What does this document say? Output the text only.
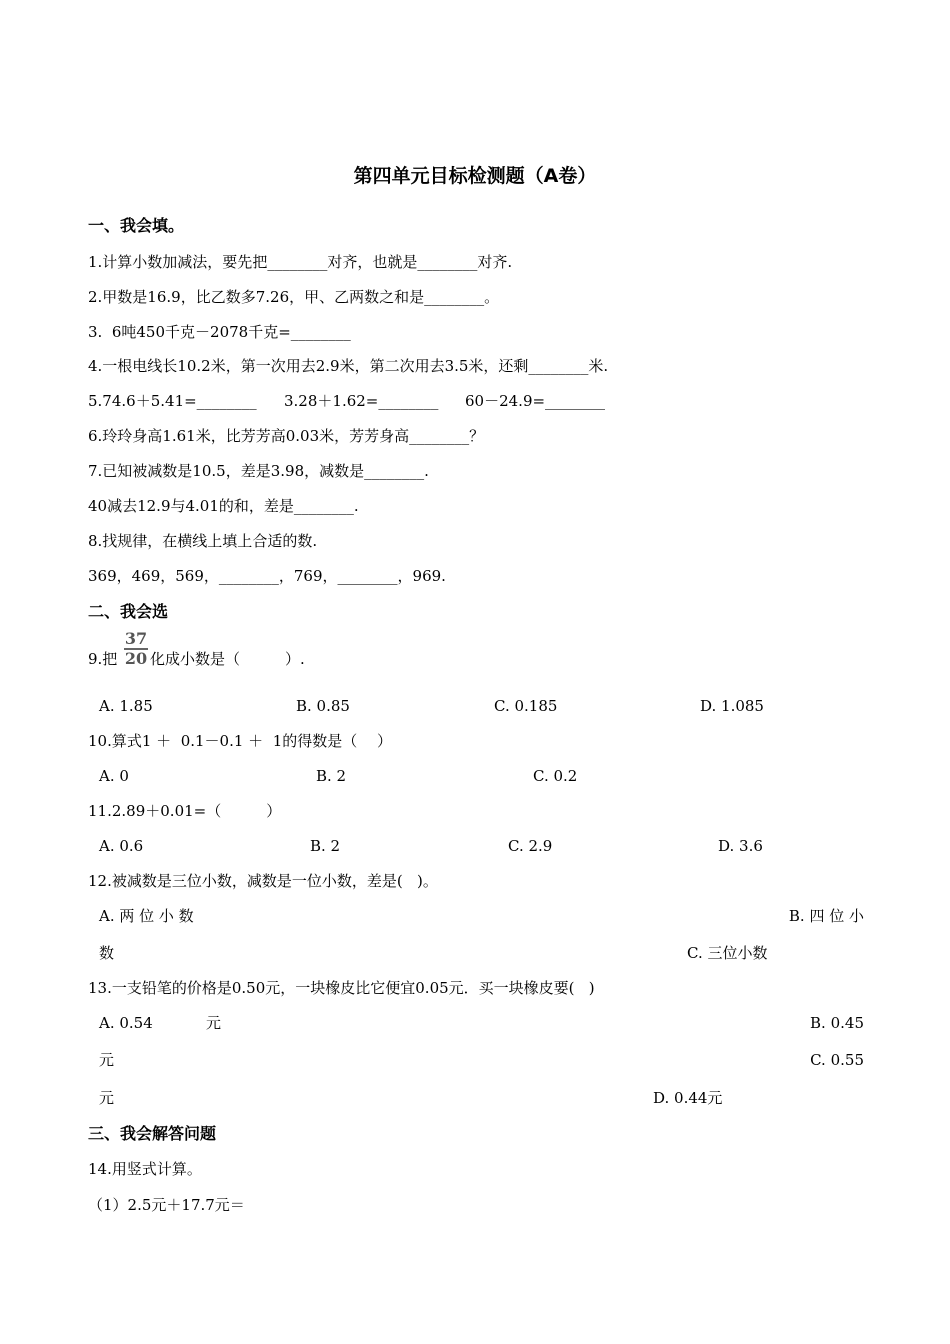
第四单元目标检测题（A卷）
一、我会填。
1.计算小数加减法，要先把________对齐，也就是________对齐.
2.甲数是16.9，比乙数多7.26，甲、乙两数之和是________。
3.  6吨450千克－2078千克=________
4.一根电线长10.2米，第一次用去2.9米，第二次用去3.5米，还剩________米.
5.74.6＋5.41=________ 3.28＋1.62=________ 60－24.9=________
6.玲玲身高1.61米，比芳芳高0.03米，芳芳身高________？
7.已知被减数是10.5，差是3.98，减数是________.
40减去12.9与4.01的和，差是________.
8.找规律，在横线上填上合适的数.
369，469，569，________，769，________，969.
二、我会选
9.把 $\frac{37}{20}$ 化成小数是（　　　）.
A. 1.85	B. 0.85	C. 0.185	D. 1.085
10.算式1 ＋  0.1－0.1 ＋  1的得数是（　 ）
A. 0	B. 2	C. 0.2
11.2.89＋0.01=（　　　）
A. 0.6	B. 2	C. 2.9	D. 3.6
12.被减数是三位小数，减数是一位小数，差是(   )。
A. 两 位 小 数	B. 四 位 小
数	C. 三位小数
13.一支铅笔的价格是0.50元，一块橡皮比它便宜0.05元．买一块橡皮要(   )
A. 0.54	元	B. 0.45
元	C. 0.55
元	D. 0.44元
三、我会解答问题
14.用竖式计算。
（1）2.5元＋17.7元＝
